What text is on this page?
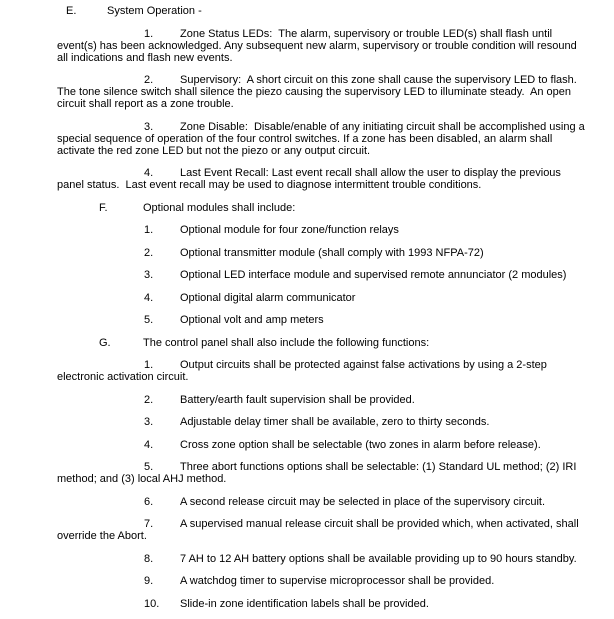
E.	System Operation -
1. Zone Status LEDs:  The alarm, supervisory or trouble LED(s) shall flash until
event(s) has been acknowledged. Any subsequent new alarm, supervisory or trouble condition will resound
all indications and flash new events.
2. Supervisory:  A short circuit on this zone shall cause the supervisory LED to flash.
The tone silence switch shall silence the piezo causing the supervisory LED to illuminate steady.  An open
circuit shall report as a zone trouble.
3. Zone Disable:  Disable/enable of any initiating circuit shall be accomplished using a
special sequence of operation of the four control switches. If a zone has been disabled, an alarm shall
activate the red zone LED but not the piezo or any output circuit.
4. Last Event Recall: Last event recall shall allow the user to display the previous
panel status.  Last event recall may be used to diagnose intermittent trouble conditions.
F.	Optional modules shall include:
1. Optional module for four zone/function relays
2. Optional transmitter module (shall comply with 1993 NFPA-72)
3. Optional LED interface module and supervised remote annunciator (2 modules)
4. Optional digital alarm communicator
5. Optional volt and amp meters
G.	The control panel shall also include the following functions:
1. Output circuits shall be protected against false activations by using a 2-step
electronic activation circuit.
2. Battery/earth fault supervision shall be provided.
3. Adjustable delay timer shall be available, zero to thirty seconds.
4. Cross zone option shall be selectable (two zones in alarm before release).
5. Three abort functions options shall be selectable: (1) Standard UL method; (2) IRI
method; and (3) local AHJ method.
6. A second release circuit may be selected in place of the supervisory circuit.
7. A supervised manual release circuit shall be provided which, when activated, shall
override the Abort.
8. 7 AH to 12 AH battery options shall be available providing up to 90 hours standby.
9. A watchdog timer to supervise microprocessor shall be provided.
10. Slide-in zone identification labels shall be provided.
